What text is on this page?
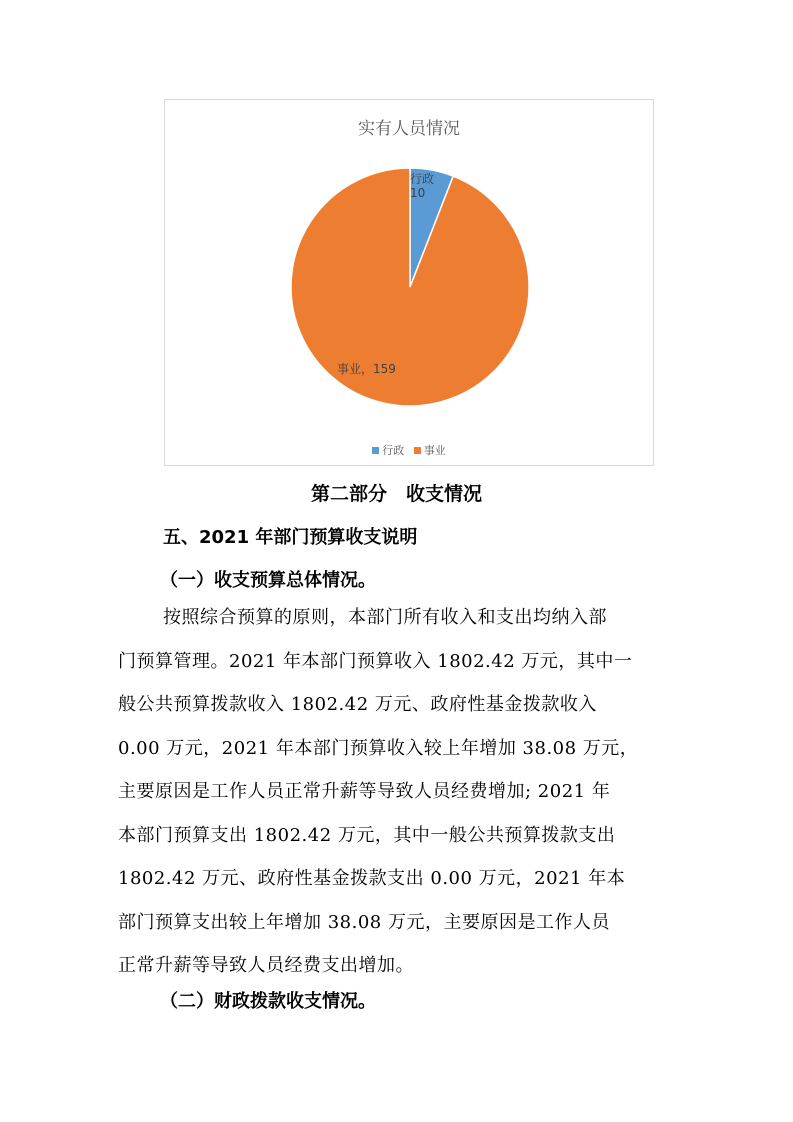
实有人员情况
行政
10
事业，159
行政 事业
第二部分　收支情况
五、2021 年部门预算收支说明
（一）收支预算总体情况。
按照综合预算的原则，本部门所有收入和支出均纳入部
门预算管理。2021 年本部门预算收入 1802.42 万元，其中一
般公共预算拨款收入 1802.42 万元、政府性基金拨款收入
0.00 万元，2021 年本部门预算收入较上年增加 38.08 万元，
主要原因是工作人员正常升薪等导致人员经费增加; 2021 年
本部门预算支出 1802.42 万元，其中一般公共预算拨款支出
1802.42 万元、政府性基金拨款支出 0.00 万元，2021 年本
部门预算支出较上年增加 38.08 万元，主要原因是工作人员
正常升薪等导致人员经费支出增加。
（二）财政拨款收支情况。
